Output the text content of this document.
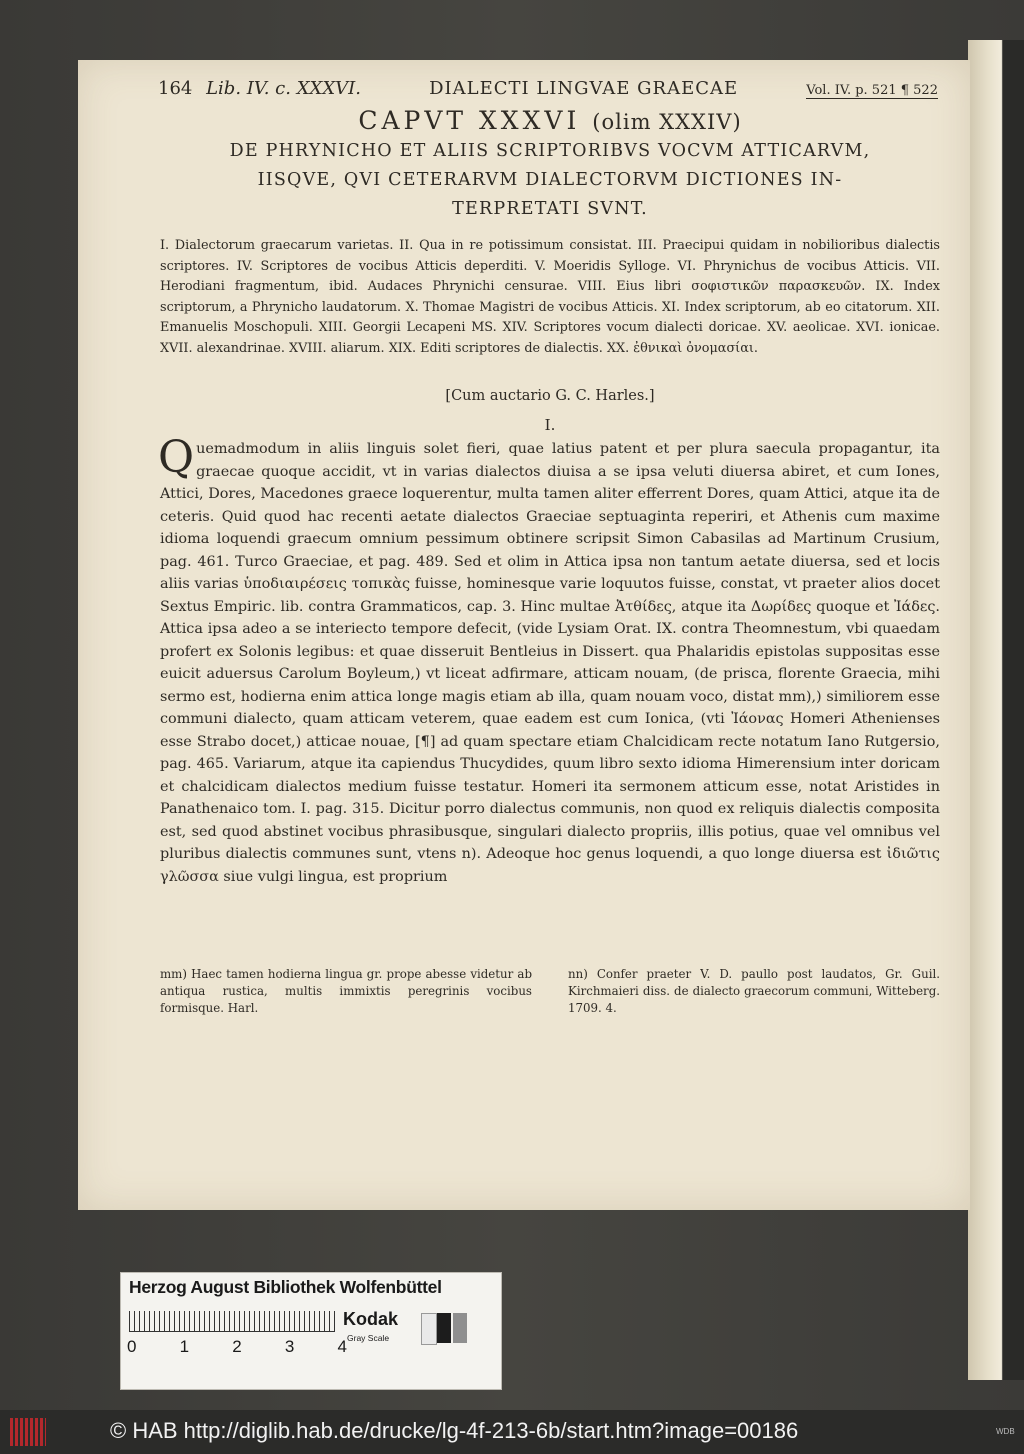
164 Lib. IV. c. XXXVI.	DIALECTI LINGVAE GRAECAE	Vol. IV. p. 521 ¶ 522
CAPVT XXXVI (olim XXXIV)
DE PHRYNICHO ET ALIIS SCRIPTORIBVS VOCVM ATTICARVM,
IISQVE, QVI CETERARVM DIALECTORVM DICTIONES IN-
TERPRETATI SVNT.
I. Dialectorum graecarum varietas. II. Qua in re potissimum consistat. III. Praecipui quidam in nobilioribus dialectis scriptores. IV. Scriptores de vocibus Atticis deperditi. V. Moeridis Sylloge. VI. Phrynichus de vocibus Atticis. VII. Herodiani fragmentum, ibid. Audaces Phrynichi censurae. VIII. Eius libri σοφιστικῶν παρασκευῶν. IX. Index scriptorum, a Phrynicho laudatorum. X. Thomae Magistri de vocibus Atticis. XI. Index scriptorum, ab eo citatorum. XII. Emanuelis Moschopuli. XIII. Georgii Lecapeni MS. XIV. Scriptores vocum dialecti doricae. XV. aeolicae. XVI. ionicae. XVII. alexandrinae. XVIII. aliarum. XIX. Editi scriptores de dialectis. XX. ἐθνικαὶ ὀνομασίαι.
[Cum auctario G. C. Harles.]
I.
Quemadmodum in aliis linguis solet fieri, quae latius patent et per plura saecula propagantur, ita graecae quoque accidit, vt in varias dialectos diuisa a se ipsa veluti diuersa abiret, et cum Iones, Attici, Dores, Macedones graece loquerentur, multa tamen aliter efferrent Dores, quam Attici, atque ita de ceteris. Quid quod hac recenti aetate dialectos Graeciae septuaginta reperiri, et Athenis cum maxime idioma loquendi graecum omnium pessimum obtinere scripsit Simon Cabasilas ad Martinum Crusium, pag. 461. Turco Graeciae, et pag. 489. Sed et olim in Attica ipsa non tantum aetate diuersa, sed et locis aliis varias ὑποδιαιρέσεις τοπικὰς fuisse, hominesque varie loquutos fuisse, constat, vt praeter alios docet Sextus Empiric. lib. contra Grammaticos, cap. 3. Hinc multae Ἀτθίδες, atque ita Δωρίδες quoque et Ἰάδες. Attica ipsa adeo a se interiecto tempore defecit, (vide Lysiam Orat. IX. contra Theomnestum, vbi quaedam profert ex Solonis legibus: et quae disseruit Bentleius in Dissert. qua Phalaridis epistolas suppositas esse euicit aduersus Carolum Boyleum,) vt liceat adfirmare, atticam nouam, (de prisca, florente Graecia, mihi sermo est, hodierna enim attica longe magis etiam ab illa, quam nouam voco, distat mm),) similiorem esse communi dialecto, quam atticam veterem, quae eadem est cum Ionica, (vti Ἰάονας Homeri Athenienses esse Strabo docet,) atticae nouae, [¶] ad quam spectare etiam Chalcidicam recte notatum Iano Rutgersio, pag. 465. Variarum, atque ita capiendus Thucydides, quum libro sexto idioma Himerensium inter doricam et chalcidicam dialectos medium fuisse testatur. Homeri ita sermonem atticum esse, notat Aristides in Panathenaico tom. I. pag. 315. Dicitur porro dialectus communis, non quod ex reliquis dialectis composita est, sed quod abstinet vocibus phrasibusque, singulari dialecto propriis, illis potius, quae vel omnibus vel pluribus dialectis communes sunt, vtens n). Adeoque hoc genus loquendi, a quo longe diuersa est ἰδιῶτις γλῶσσα siue vulgi lingua, est proprium
mm) Haec tamen hodierna lingua gr. prope abesse videtur ab antiqua rustica, multis immixtis peregrinis vocibus formisque. Harl.
nn) Confer praeter V. D. paullo post laudatos, Gr. Guil. Kirchmaieri diss. de dialecto graecorum communi, Witteberg. 1709. 4.
Herzog August Bibliothek Wolfenbüttel
0	1	2	3	4
Kodak
Gray Scale
© HAB http://diglib.hab.de/drucke/lg-4f-213-6b/start.htm?image=00186	WDB
